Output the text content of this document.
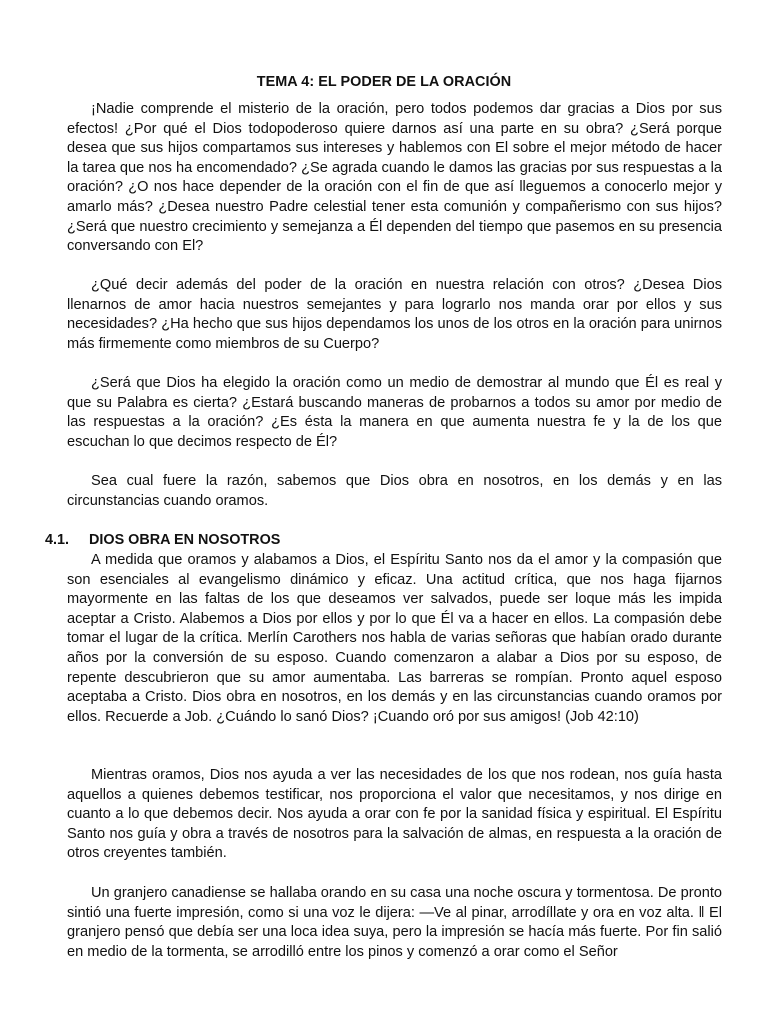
TEMA 4: EL PODER DE LA ORACIÓN

¡Nadie comprende el misterio de la oración, pero todos podemos dar gracias a Dios por sus efectos! ¿Por qué el Dios todopoderoso quiere darnos así una parte en su obra? ¿Será porque desea que sus hijos compartamos sus intereses y hablemos con El sobre el mejor método de hacer la tarea que nos ha encomendado? ¿Se agrada cuando le damos las gracias por sus respuestas a la oración? ¿O nos hace depender de la oración con el fin de que así lleguemos a conocerlo mejor y amarlo más? ¿Desea nuestro Padre celestial tener esta comunión y compañerismo con sus hijos? ¿Será que nuestro crecimiento y semejanza a Él dependen del tiempo que pasemos en su presencia conversando con El?

¿Qué decir además del poder de la oración en nuestra relación con otros? ¿Desea Dios llenarnos de amor hacia nuestros semejantes y para lograrlo nos manda orar por ellos y sus necesidades? ¿Ha hecho que sus hijos dependamos los unos de los otros en la oración para unirnos más firmemente como miembros de su Cuerpo?

¿Será que Dios ha elegido la oración como un medio de demostrar al mundo que Él es real y que su Palabra es cierta? ¿Estará buscando maneras de probarnos a todos su amor por medio de las respuestas a la oración? ¿Es ésta la manera en que aumenta nuestra fe y la de los que escuchan lo que decimos respecto de Él?

Sea cual fuere la razón, sabemos que Dios obra en nosotros, en los demás y en las circunstancias cuando oramos.

4.1. DIOS OBRA EN NOSOTROS

A medida que oramos y alabamos a Dios, el Espíritu Santo nos da el amor y la compasión que son esenciales al evangelismo dinámico y eficaz. Una actitud crítica, que nos haga fijarnos mayormente en las faltas de los que deseamos ver salvados, puede ser loque más les impida aceptar a Cristo. Alabemos a Dios por ellos y por lo que Él va a hacer en ellos. La compasión debe tomar el lugar de la crítica. Merlín Carothers nos habla de varias señoras que habían orado durante años por la conversión de su esposo. Cuando comenzaron a alabar a Dios por su esposo, de repente descubrieron que su amor aumentaba. Las barreras se rompían. Pronto aquel esposo aceptaba a Cristo. Dios obra en nosotros, en los demás y en las circunstancias cuando oramos por ellos. Recuerde a Job. ¿Cuándo lo sanó Dios? ¡Cuando oró por sus amigos! (Job 42:10)

Mientras oramos, Dios nos ayuda a ver las necesidades de los que nos rodean, nos guía hasta aquellos a quienes debemos testificar, nos proporciona el valor que necesitamos, y nos dirige en cuanto a lo que debemos decir. Nos ayuda a orar con fe por la sanidad física y espiritual. El Espíritu Santo nos guía y obra a través de nosotros para la salvación de almas, en respuesta a la oración de otros creyentes también.

Un granjero canadiense se hallaba orando en su casa una noche oscura y tormentosa. De pronto sintió una fuerte impresión, como si una voz le dijera: ―Ve al pinar, arrodíllate y ora en voz alta. ‖ El granjero pensó que debía ser una loca idea suya, pero la impresión se hacía más fuerte. Por fin salió en medio de la tormenta, se arrodilló entre los pinos y comenzó a orar como el Señor
